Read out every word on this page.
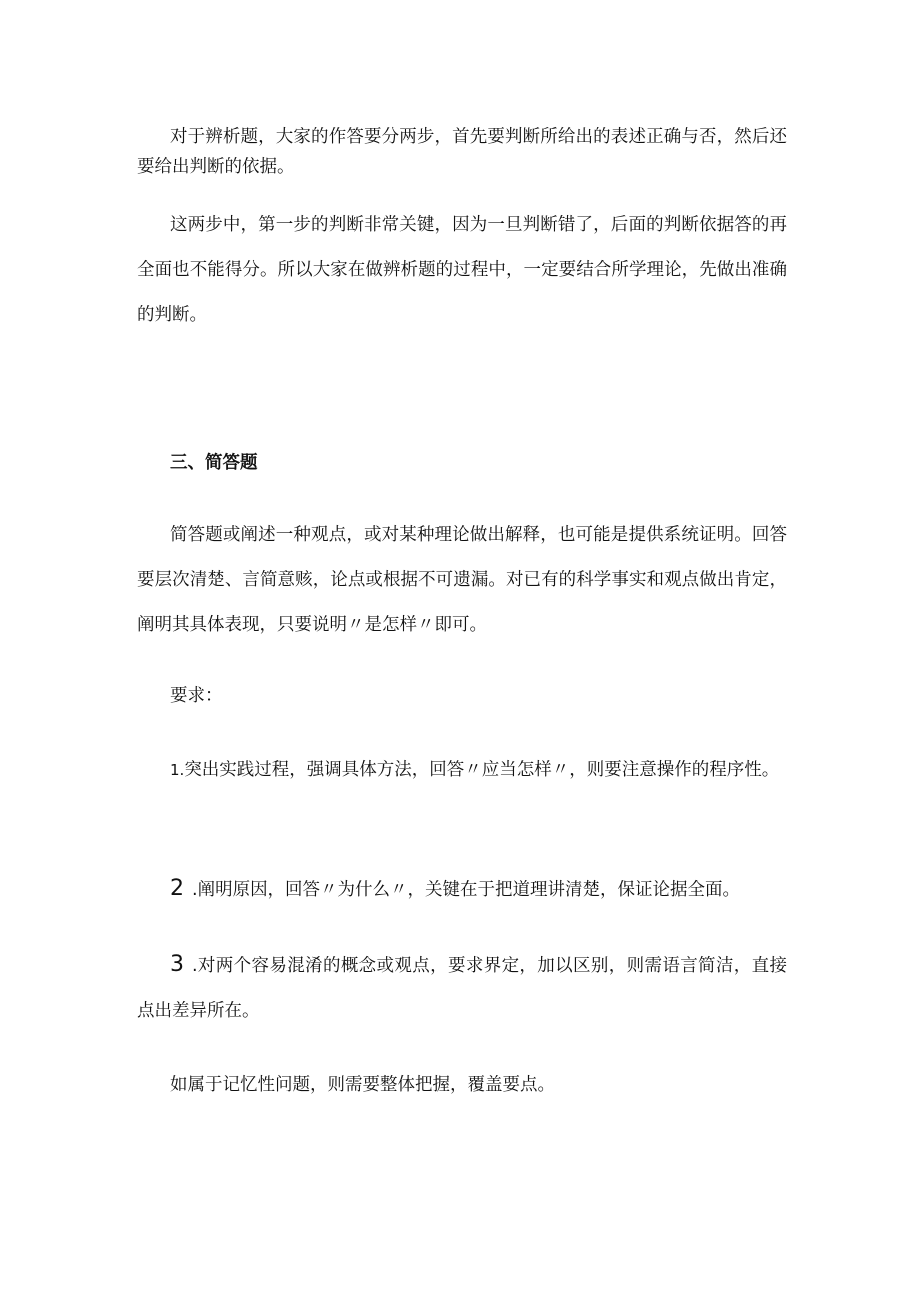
对于辨析题，大家的作答要分两步，首先要判断所给出的表述正确与否，然后还要给出判断的依据。

这两步中，第一步的判断非常关键，因为一旦判断错了，后面的判断依据答的再全面也不能得分。所以大家在做辨析题的过程中，一定要结合所学理论，先做出准确的判断。

三、简答题

简答题或阐述一种观点，或对某种理论做出解释，也可能是提供系统证明。回答要层次清楚、言简意赅，论点或根据不可遗漏。对已有的科学事实和观点做出肯定，阐明其具体表现，只要说明〃是怎样〃即可。

要求：

1.突出实践过程，强调具体方法，回答〃应当怎样〃，则要注意操作的程序性。

2 .阐明原因，回答〃为什么〃，关键在于把道理讲清楚，保证论据全面。

3 .对两个容易混淆的概念或观点，要求界定，加以区别，则需语言简洁，直接点出差异所在。

如属于记忆性问题，则需要整体把握，覆盖要点。
